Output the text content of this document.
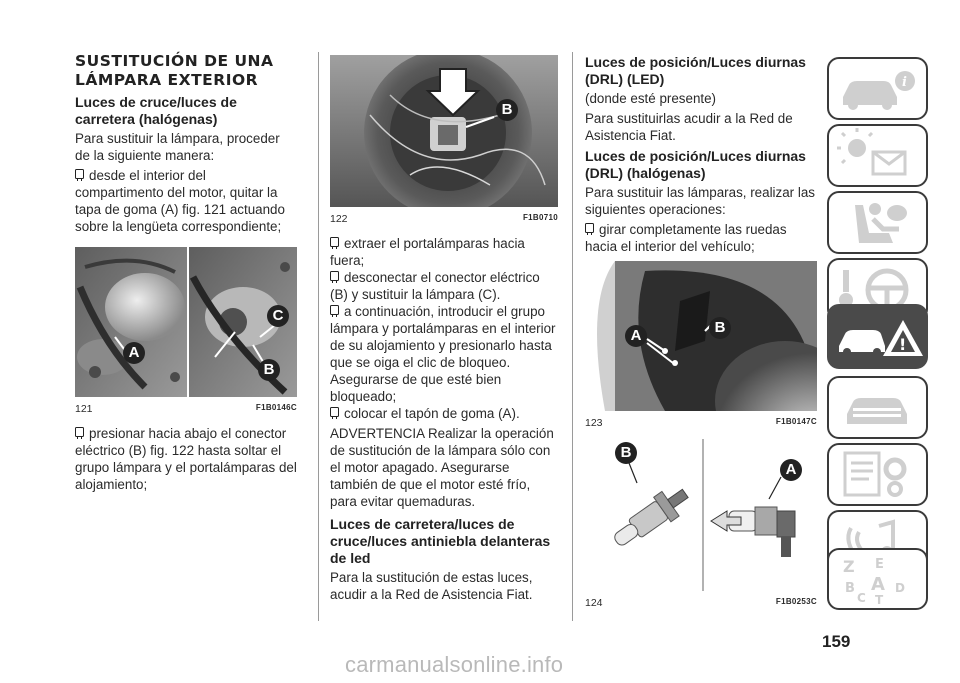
SUSTITUCIÓN DE UNA LÁMPARA EXTERIOR
Luces de cruce/luces de carretera (halógenas)

Para sustituir la lámpara, proceder de la siguiente manera:

desde el interior del compartimento del motor, quitar la tapa de goma (A) fig. 121 actuando sobre la lengüeta correspondiente;

A
C
B
121	F1B0146C

presionar hacia abajo el conector eléctrico (B) fig. 122 hasta soltar el grupo lámpara y el portalámparas del alojamiento;

B
122	F1B0710

extraer el portalámparas hacia fuera;

desconectar el conector eléctrico (B) y sustituir la lámpara (C).

a continuación, introducir el grupo lámpara y portalámparas en el interior de su alojamiento y presionarlo hasta que se oiga el clic de bloqueo. Asegurarse de que esté bien bloqueado;

colocar el tapón de goma (A).

ADVERTENCIA Realizar la operación de sustitución de la lámpara sólo con el motor apagado. Asegurarse también de que el motor esté frío, para evitar quemaduras.

Luces de carretera/luces de cruce/luces antiniebla delanteras de led

Para la sustitución de estas luces, acudir a la Red de Asistencia Fiat.

Luces de posición/Luces diurnas (DRL) (LED)

(donde esté presente)

Para sustituirlas acudir a la Red de Asistencia Fiat.

Luces de posición/Luces diurnas (DRL) (halógenas)

Para sustituir las lámparas, realizar las siguientes operaciones:

girar completamente las ruedas hacia el interior del vehículo;

A	B
123	F1B0147C
B
A
124	F1B0253C
i
!
Z E
B A
C
D
T
159
carmanualsonline.info
